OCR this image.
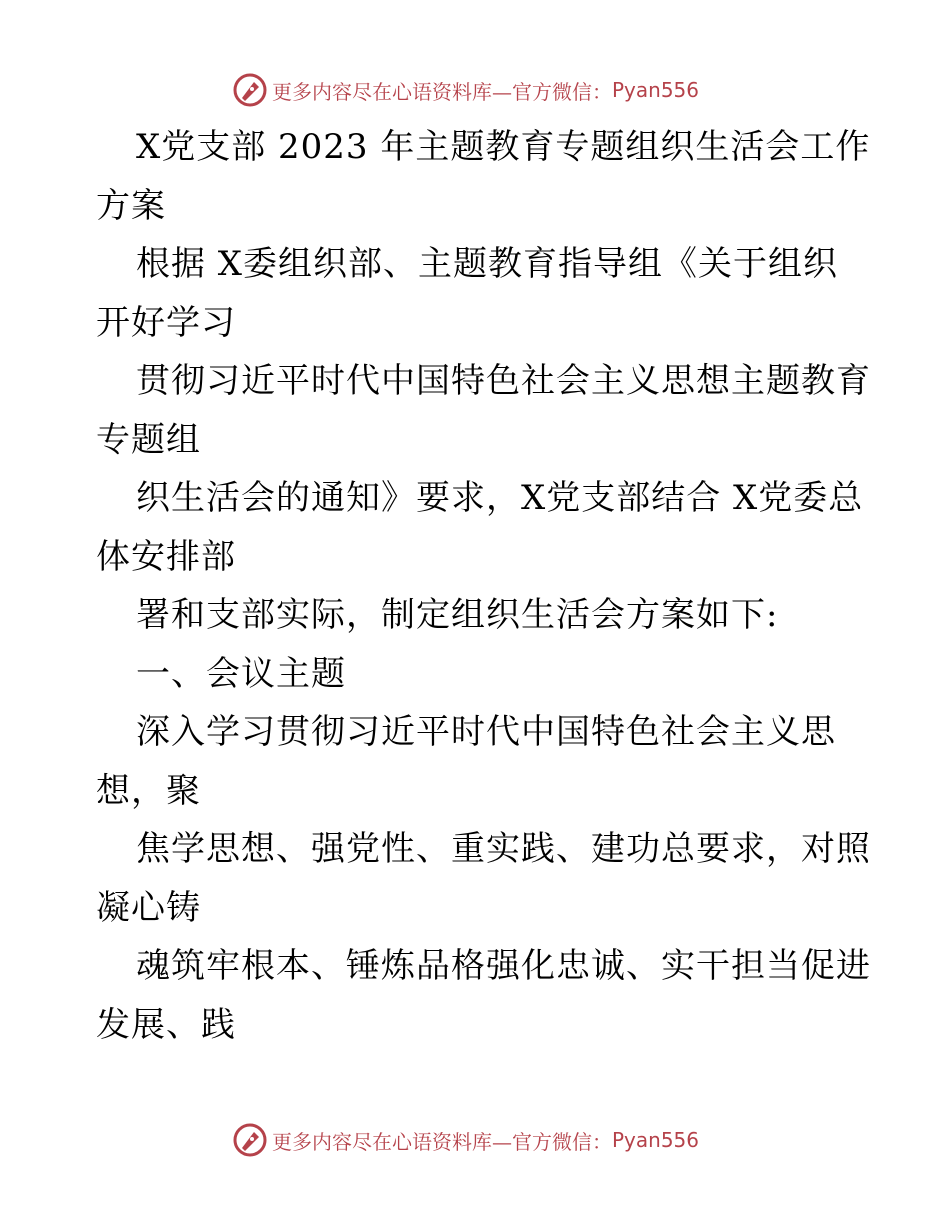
更多内容尽在心语资料库—官方微信： Pyan556
X党支部 2023 年主题教育专题组织生活会工作
方案
根据 X委组织部、主题教育指导组《关于组织
开好学习
贯彻习近平时代中国特色社会主义思想主题教育
专题组
织生活会的通知》要求，X党支部结合 X党委总
体安排部
署和支部实际，制定组织生活会方案如下:
一、会议主题
深入学习贯彻习近平时代中国特色社会主义思
想，聚
焦学思想、强党性、重实践、建功总要求，对照
凝心铸
魂筑牢根本、锤炼品格强化忠诚、实干担当促进
发展、践
更多内容尽在心语资料库—官方微信： Pyan556
